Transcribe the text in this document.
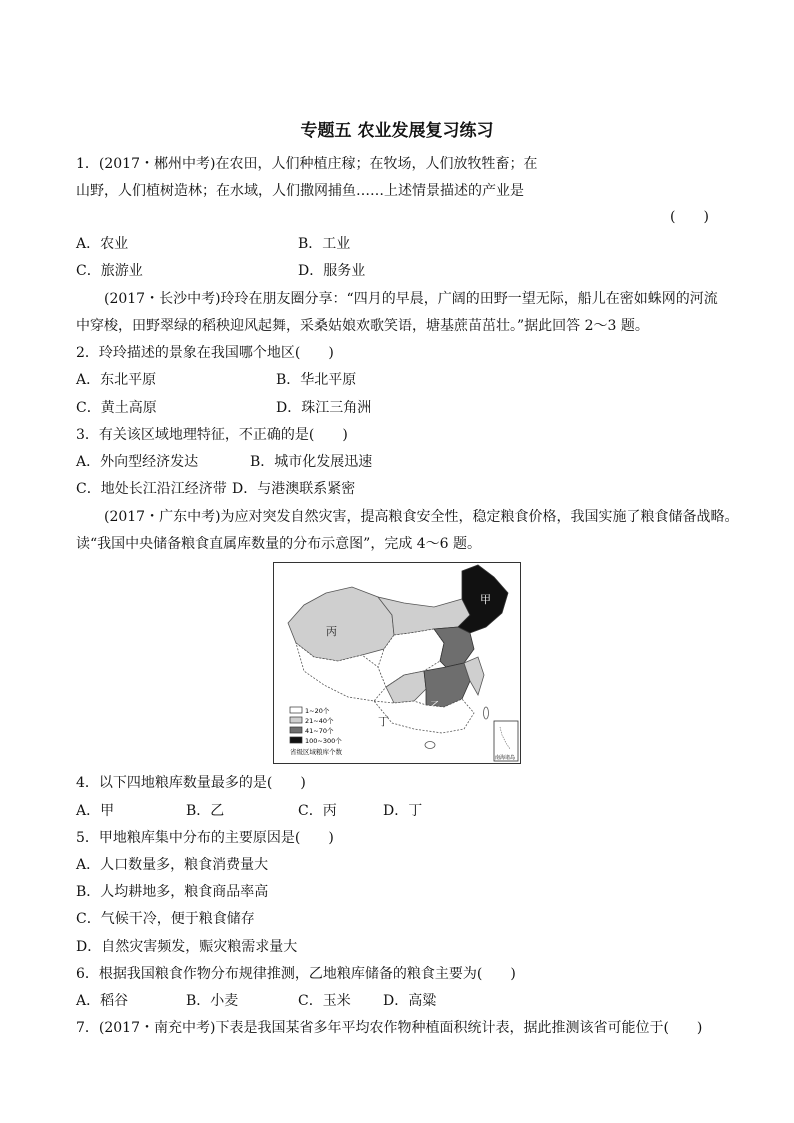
专题五 农业发展复习练习
1．(2017・郴州中考)在农田，人们种植庄稼；在牧场，人们放牧牲畜；在
山野，人们植树造林；在水域，人们撒网捕鱼……上述情景描述的产业是
(　　)
A．农业	B．工业
C．旅游业	D．服务业
(2017・长沙中考)玲玲在朋友圈分享：“四月的早晨，广阔的田野一望无际，船儿在密如蛛网的河流
中穿梭，田野翠绿的稻秧迎风起舞，采桑姑娘欢歌笑语，塘基蔗苗茁壮。”据此回答 2～3 题。
2．玲玲描述的景象在我国哪个地区(　　)
A．东北平原	B．华北平原
C．黄土高原	D．珠江三角洲
3．有关该区域地理特征，不正确的是(　　)
A．外向型经济发达	B．城市化发展迅速
C．地处长江沿江经济带 D．与港澳联系紧密
(2017・广东中考)为应对突发自然灾害，提高粮食安全性，稳定粮食价格，我国实施了粮食储备战略。
读“我国中央储备粮食直属库数量的分布示意图”，完成 4～6 题。
甲
丙
乙
丁
1~20个
21~40个
41~70个
100~300个
省级区域粮库个数
南海诸岛
4．以下四地粮库数量最多的是(　　)
A．甲	B．乙	C．丙	D．丁
5．甲地粮库集中分布的主要原因是(　　)
A．人口数量多，粮食消费量大
B．人均耕地多，粮食商品率高
C．气候干冷，便于粮食储存
D．自然灾害频发，赈灾粮需求量大
6．根据我国粮食作物分布规律推测，乙地粮库储备的粮食主要为(　　)
A．稻谷	B．小麦	C．玉米 D．高粱
7．(2017・南充中考)下表是我国某省多年平均农作物种植面积统计表，据此推测该省可能位于(　　)
